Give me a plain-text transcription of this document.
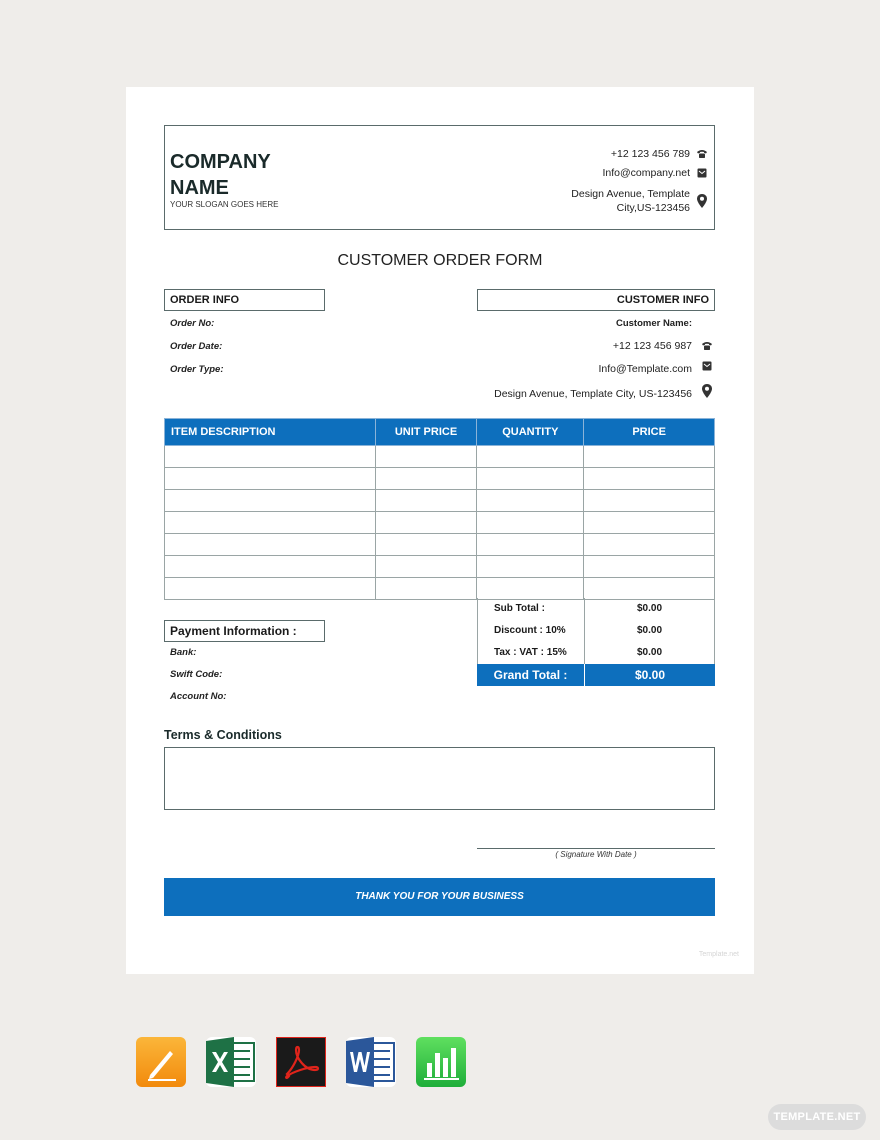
COMPANY
NAME
YOUR SLOGAN GOES HERE
+12 123 456 789
Info@company.net
Design Avenue, Template
City,US-123456
CUSTOMER ORDER FORM
ORDER INFO
Order No:
Order Date:
Order Type:
CUSTOMER INFO
Customer Name:
+12 123 456 987
Info@Template.com
Design Avenue, Template City, US-123456
ITEM DESCRIPTION	UNIT PRICE	QUANTITY	PRICE

Sub Total :	$0.00
Discount : 10%	$0.00
Tax : VAT : 15%	$0.00
Grand Total :	$0.00
Payment Information :
Bank:
Swift Code:
Account No:
Terms & Conditions
( Signature With Date )
THANK YOU FOR YOUR BUSINESS
Template.net
TEMPLATE.NET
